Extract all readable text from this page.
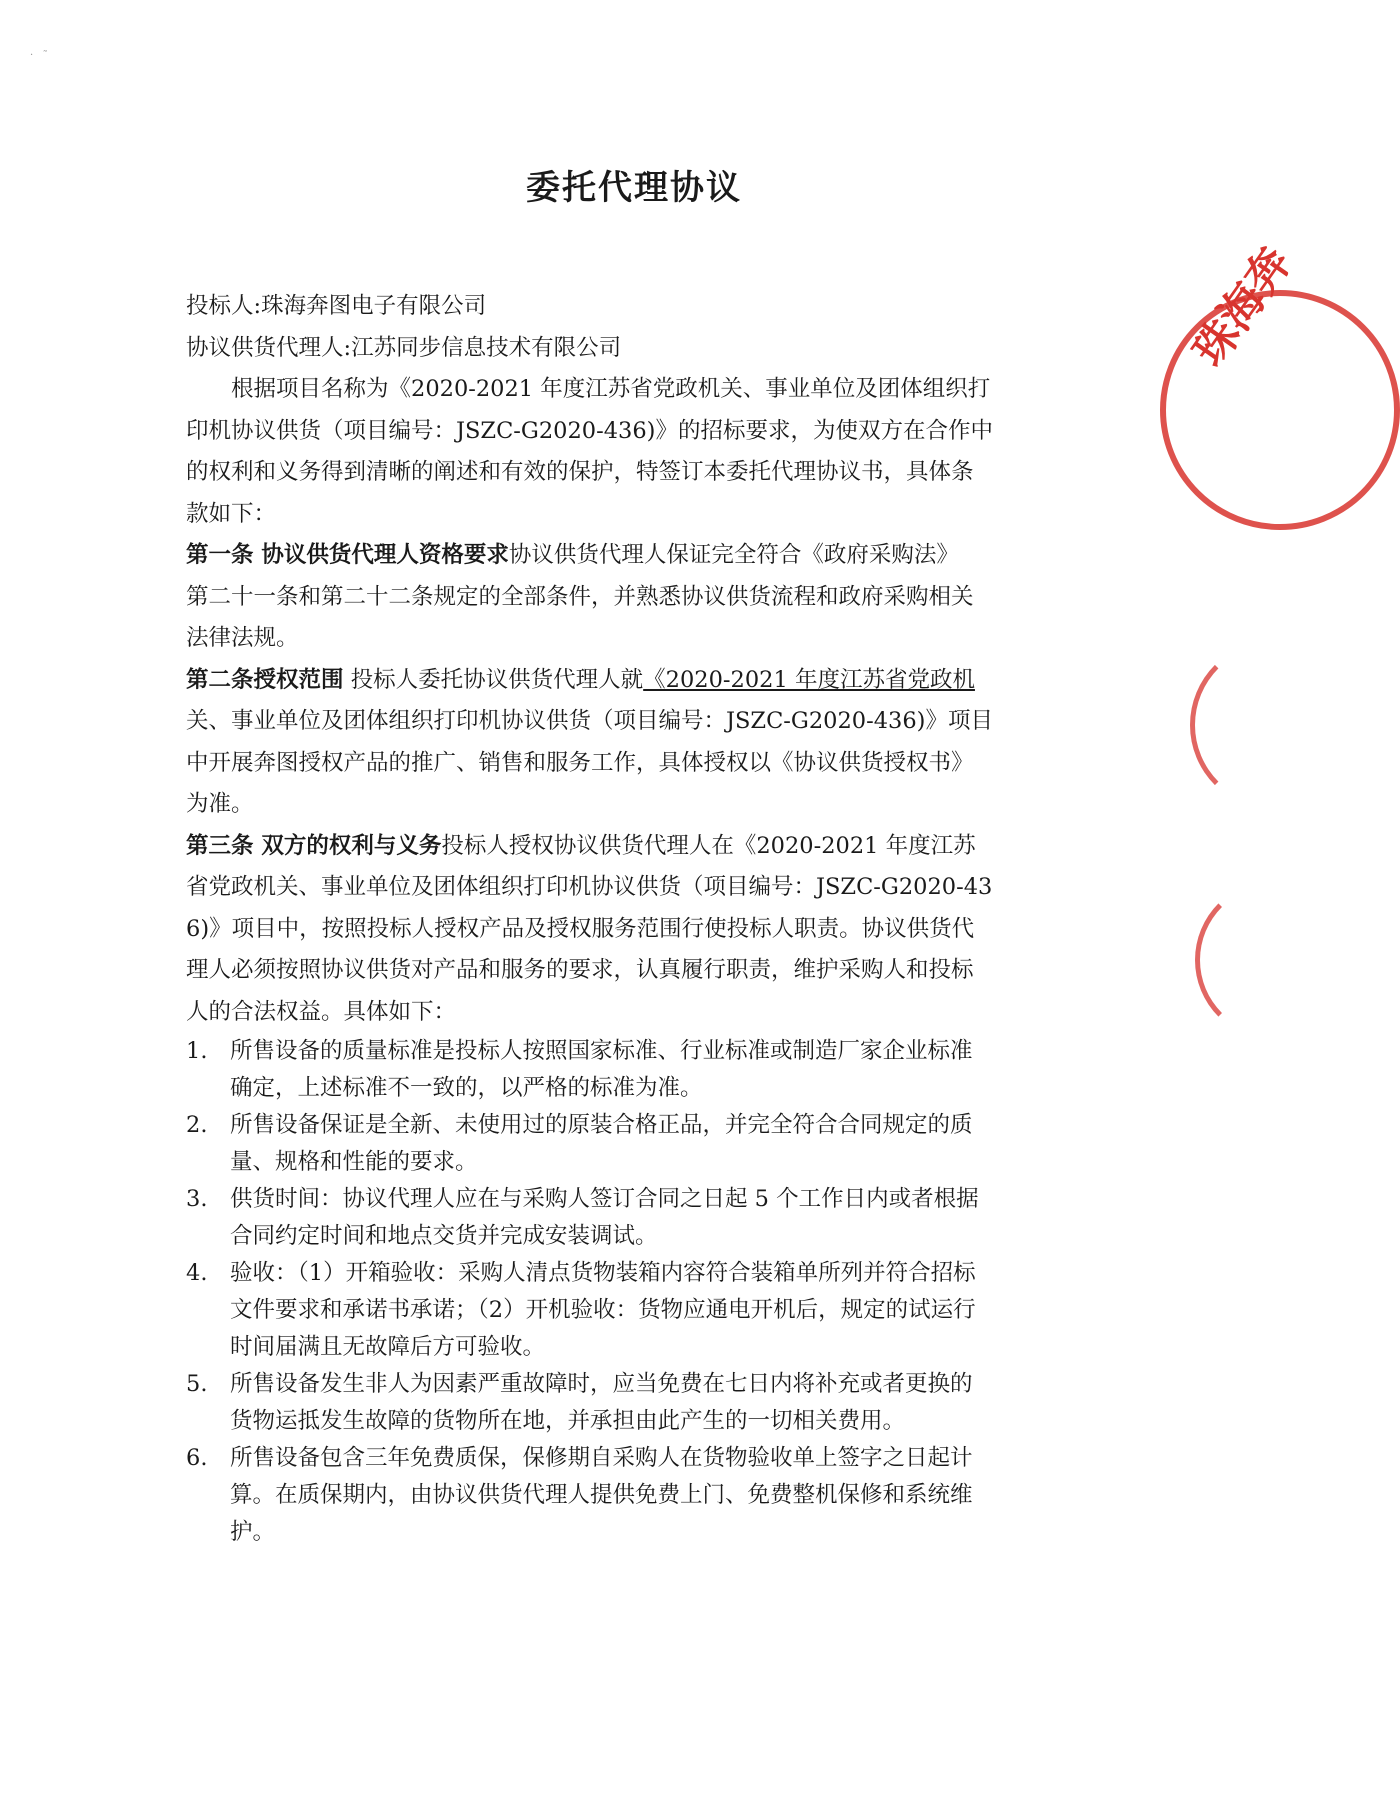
·   ˜
委托代理协议
投标人:珠海奔图电子有限公司
协议供货代理人:江苏同步信息技术有限公司
根据项目名称为《2020-2021 年度江苏省党政机关、事业单位及团体组织打
印机协议供货（项目编号：JSZC-G2020-436)》的招标要求，为使双方在合作中
的权利和义务得到清晰的阐述和有效的保护，特签订本委托代理协议书，具体条
款如下：
第一条 协议供货代理人资格要求协议供货代理人保证完全符合《政府采购法》
第二十一条和第二十二条规定的全部条件，并熟悉协议供货流程和政府采购相关
法律法规。
第二条授权范围 投标人委托协议供货代理人就《2020-2021 年度江苏省党政机
关、事业单位及团体组织打印机协议供货（项目编号：JSZC-G2020-436)》项目
中开展奔图授权产品的推广、销售和服务工作，具体授权以《协议供货授权书》
为准。
第三条 双方的权利与义务投标人授权协议供货代理人在《2020-2021 年度江苏
省党政机关、事业单位及团体组织打印机协议供货（项目编号：JSZC-G2020-43
6)》项目中，按照投标人授权产品及授权服务范围行使投标人职责。协议供货代
理人必须按照协议供货对产品和服务的要求，认真履行职责，维护采购人和投标
人的合法权益。具体如下：
1.	所售设备的质量标准是投标人按照国家标准、行业标准或制造厂家企业标准
确定，上述标准不一致的，以严格的标准为准。
2.	所售设备保证是全新、未使用过的原装合格正品，并完全符合合同规定的质
量、规格和性能的要求。
3.	供货时间：协议代理人应在与采购人签订合同之日起 5 个工作日内或者根据
合同约定时间和地点交货并完成安装调试。
4.	验收：（1）开箱验收：采购人清点货物装箱内容符合装箱单所列并符合招标
文件要求和承诺书承诺；（2）开机验收：货物应通电开机后，规定的试运行
时间届满且无故障后方可验收。
5.	所售设备发生非人为因素严重故障时，应当免费在七日内将补充或者更换的
货物运抵发生故障的货物所在地，并承担由此产生的一切相关费用。
6.	所售设备包含三年免费质保，保修期自采购人在货物验收单上签字之日起计
算。在质保期内，由协议供货代理人提供免费上门、免费整机保修和系统维
护。
珠海奔
